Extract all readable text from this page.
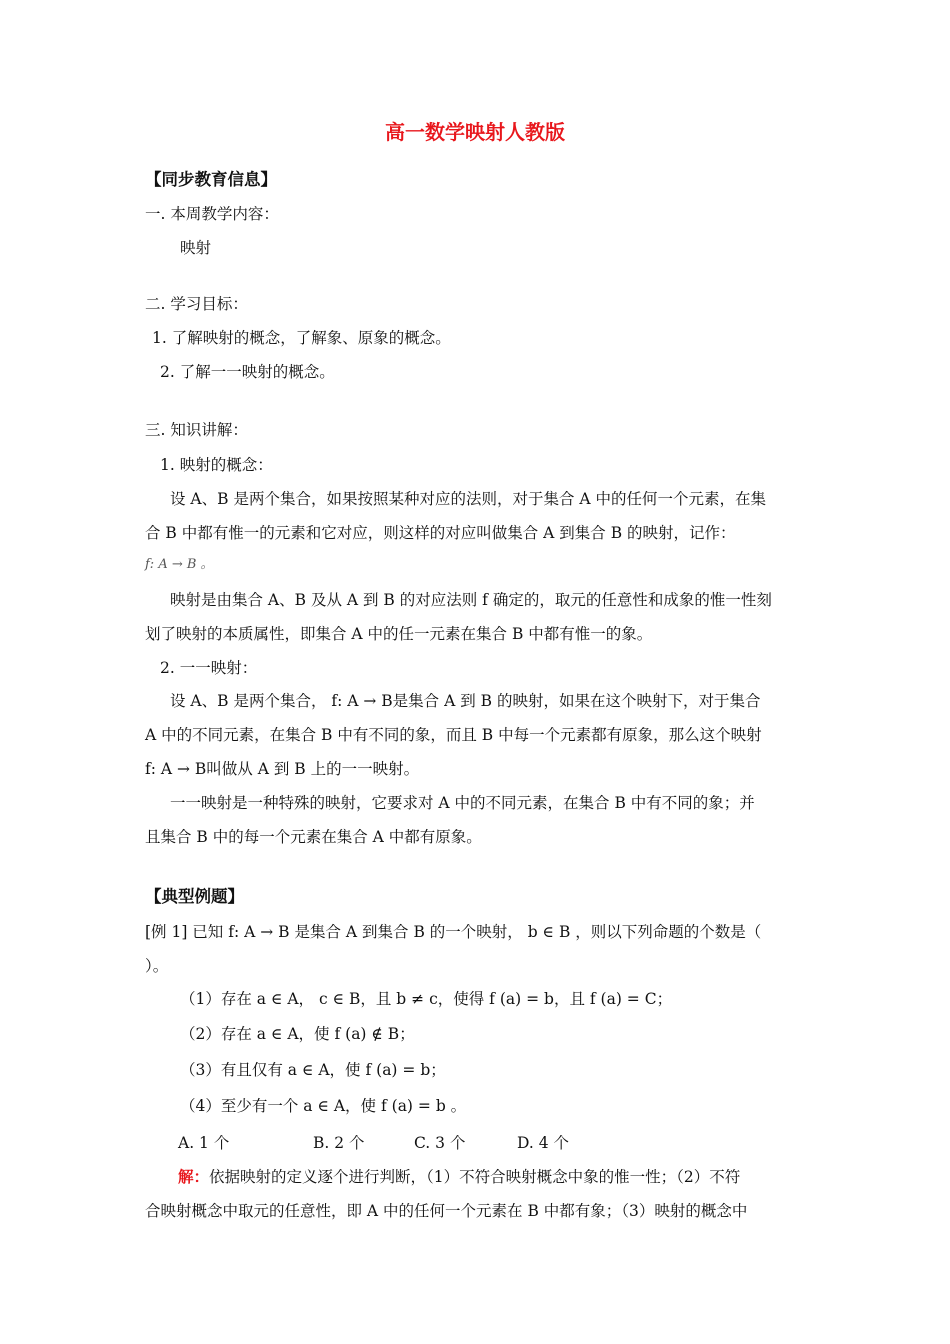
高一数学映射人教版
【同步教育信息】
一. 本周教学内容：
映射
二. 学习目标：
1. 了解映射的概念，了解象、原象的概念。
2. 了解一一映射的概念。
三. 知识讲解：
1. 映射的概念：
设 A、B 是两个集合，如果按照某种对应的法则，对于集合 A 中的任何一个元素，在集
合 B 中都有惟一的元素和它对应，则这样的对应叫做集合 A 到集合 B 的映射，记作：
f: A → B 。
映射是由集合 A、B 及从 A 到 B 的对应法则 f 确定的，取元的任意性和成象的惟一性刻
划了映射的本质属性，即集合 A 中的任一元素在集合 B 中都有惟一的象。
2. 一一映射：
设 A、B 是两个集合， f: A → B是集合 A 到 B 的映射，如果在这个映射下，对于集合
A 中的不同元素，在集合 B 中有不同的象，而且 B 中每一个元素都有原象，那么这个映射
f: A → B叫做从 A 到 B 上的一一映射。
一一映射是一种特殊的映射，它要求对 A 中的不同元素，在集合 B 中有不同的象；并
且集合 B 中的每一个元素在集合 A 中都有原象。
【典型例题】
[例 1] 已知 f: A → B 是集合 A 到集合 B 的一个映射， b ∈ B ，则以下列命题的个数是（
）。
（1）存在 a ∈ A， c ∈ B，且 b ≠ c，使得 f (a) = b，且 f (a) = C；
（2）存在 a ∈ A，使 f (a) ∉ B；
（3）有且仅有 a ∈ A，使 f (a) = b；
（4）至少有一个 a ∈ A，使 f (a) = b 。
A. 1 个	B. 2 个	C. 3 个	D. 4 个
解：依据映射的定义逐个进行判断，（1）不符合映射概念中象的惟一性；（2）不符
合映射概念中取元的任意性，即 A 中的任何一个元素在 B 中都有象；（3）映射的概念中
